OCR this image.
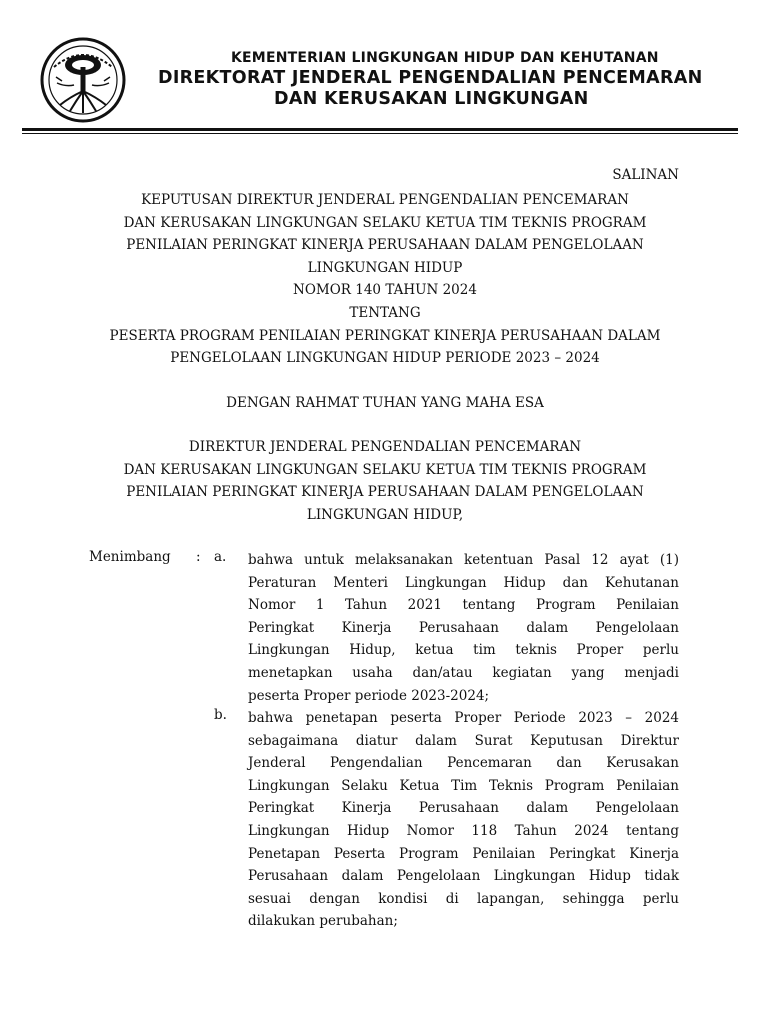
KEMENTERIAN LINGKUNGAN HIDUP DAN KEHUTANAN
DIREKTORAT JENDERAL PENGENDALIAN PENCEMARAN
DAN KERUSAKAN LINGKUNGAN
SALINAN
KEPUTUSAN DIREKTUR JENDERAL PENGENDALIAN PENCEMARAN
DAN KERUSAKAN LINGKUNGAN SELAKU KETUA TIM TEKNIS PROGRAM
PENILAIAN PERINGKAT KINERJA PERUSAHAAN DALAM PENGELOLAAN
LINGKUNGAN HIDUP
NOMOR 140 TAHUN 2024
TENTANG
PESERTA PROGRAM PENILAIAN PERINGKAT KINERJA PERUSAHAAN DALAM
PENGELOLAAN LINGKUNGAN HIDUP PERIODE 2023 – 2024
DENGAN RAHMAT TUHAN YANG MAHA ESA
DIREKTUR JENDERAL PENGENDALIAN PENCEMARAN
DAN KERUSAKAN LINGKUNGAN SELAKU KETUA TIM TEKNIS PROGRAM
PENILAIAN PERINGKAT KINERJA PERUSAHAAN DALAM PENGELOLAAN
LINGKUNGAN HIDUP,
Menimbang : a. bahwa untuk melaksanakan ketentuan Pasal 12 ayat (1)
Peraturan Menteri Lingkungan Hidup dan Kehutanan
Nomor 1 Tahun 2021 tentang Program Penilaian
Peringkat Kinerja Perusahaan dalam Pengelolaan
Lingkungan Hidup, ketua tim teknis Proper perlu
menetapkan usaha dan/atau kegiatan yang menjadi
peserta Proper periode 2023-2024;
b. bahwa penetapan peserta Proper Periode 2023 – 2024
sebagaimana diatur dalam Surat Keputusan Direktur
Jenderal Pengendalian Pencemaran dan Kerusakan
Lingkungan Selaku Ketua Tim Teknis Program Penilaian
Peringkat Kinerja Perusahaan dalam Pengelolaan
Lingkungan Hidup Nomor 118 Tahun 2024 tentang
Penetapan Peserta Program Penilaian Peringkat Kinerja
Perusahaan dalam Pengelolaan Lingkungan Hidup tidak
sesuai dengan kondisi di lapangan, sehingga perlu
dilakukan perubahan;
